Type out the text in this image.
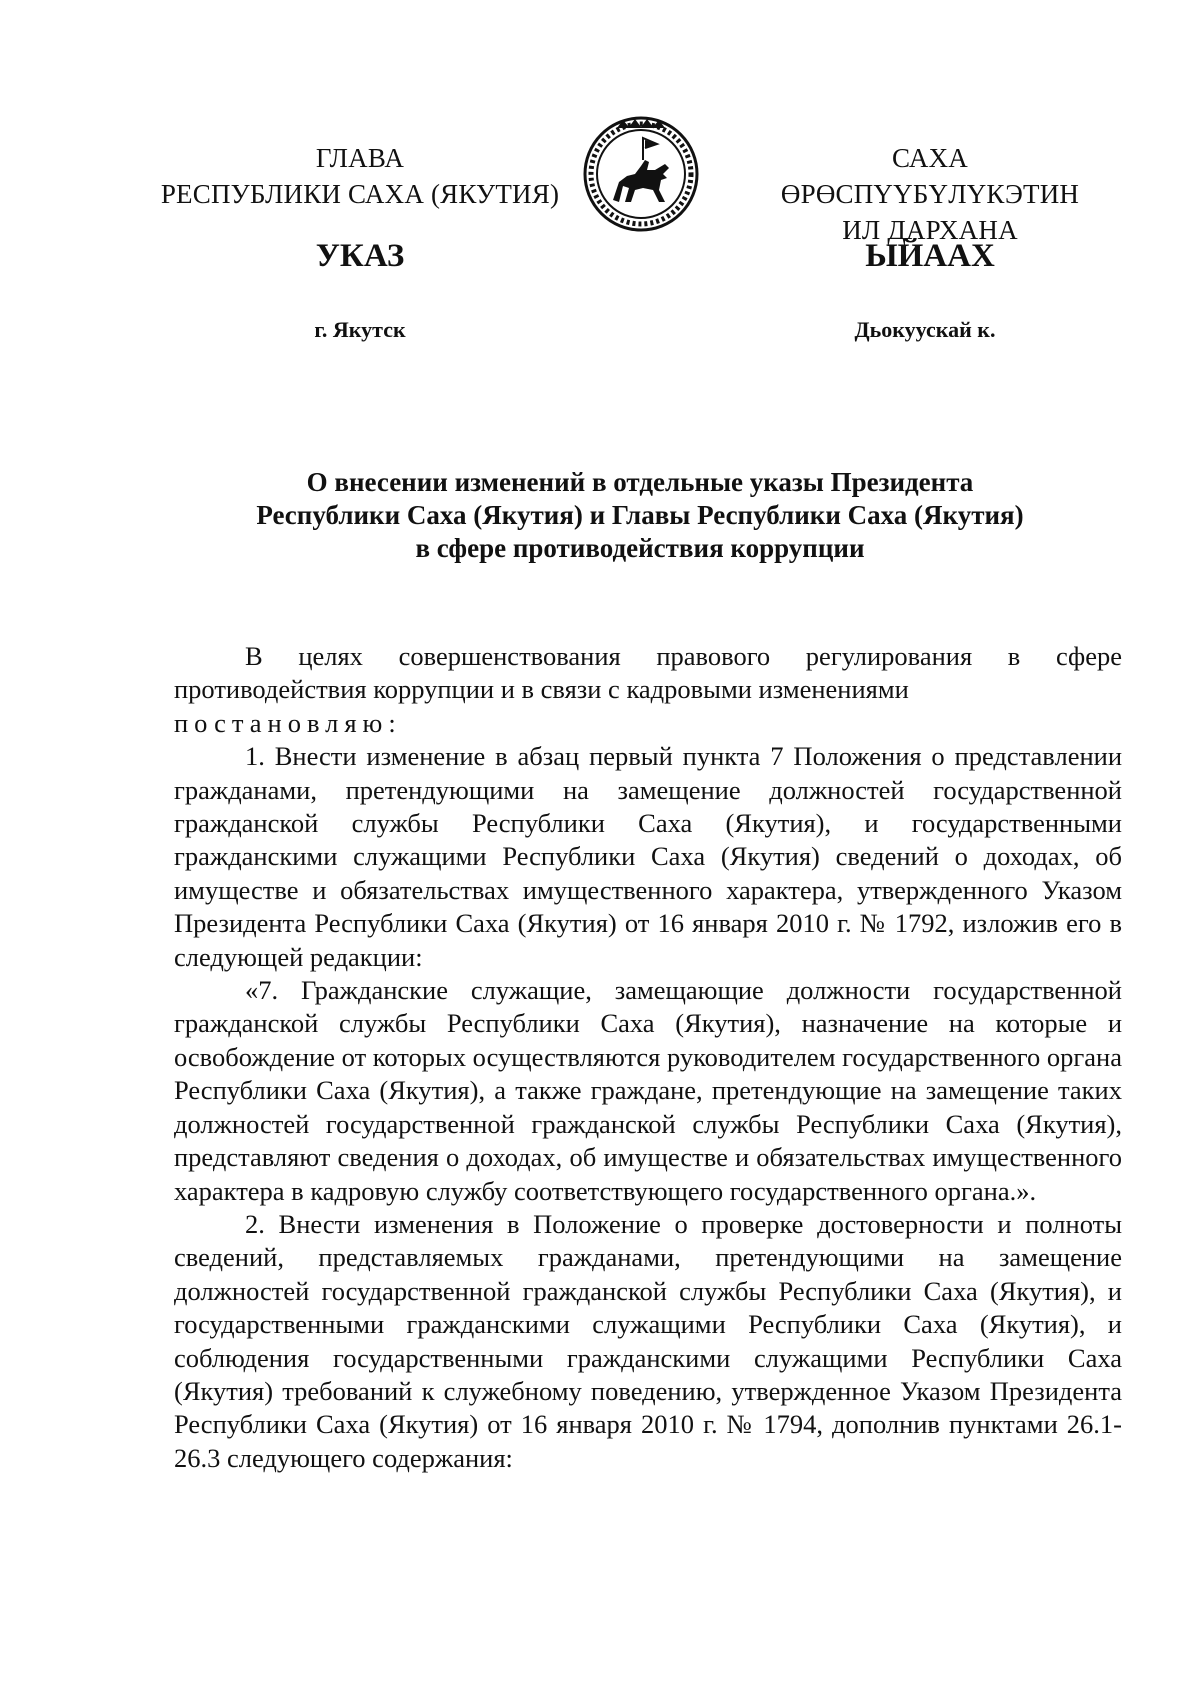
ГЛАВА
РЕСПУБЛИКИ САХА (ЯКУТИЯ)
САХА ӨРӨСПҮҮБҮЛҮКЭТИН
ИЛ ДАРХАНА
УКАЗ	ЫЙААХ
г. Якутск	Дьокуускай к.
О внесении изменений в отдельные указы Президента
Республики Саха (Якутия) и Главы Республики Саха (Якутия)
в сфере противодействия коррупции

В целях совершенствования правового регулирования в сфере противодействия коррупции и в связи с кадровыми изменениями

постановляю:

1. Внести изменение в абзац первый пункта 7 Положения о представлении гражданами, претендующими на замещение должностей государственной гражданской службы Республики Саха (Якутия), и государственными гражданскими служащими Республики Саха (Якутия) сведений о доходах, об имуществе и обязательствах имущественного характера, утвержденного Указом Президента Республики Саха (Якутия) от 16 января 2010 г. № 1792, изложив его в следующей редакции:

«7. Гражданские служащие, замещающие должности государственной гражданской службы Республики Саха (Якутия), назначение на которые и освобождение от которых осуществляются руководителем государственного органа Республики Саха (Якутия), а также граждане, претендующие на замещение таких должностей государственной гражданской службы Республики Саха (Якутия), представляют сведения о доходах, об имуществе и обязательствах имущественного характера в кадровую службу соответствующего государственного органа.».

2. Внести изменения в Положение о проверке достоверности и полноты сведений, представляемых гражданами, претендующими на замещение должностей государственной гражданской службы Республики Саха (Якутия), и государственными гражданскими служащими Республики Саха (Якутия), и соблюдения государственными гражданскими служащими Республики Саха (Якутия) требований к служебному поведению, утвержденное Указом Президента Республики Саха (Якутия) от 16 января 2010 г. № 1794, дополнив пунктами 26.1-26.3 следующего содержания:
